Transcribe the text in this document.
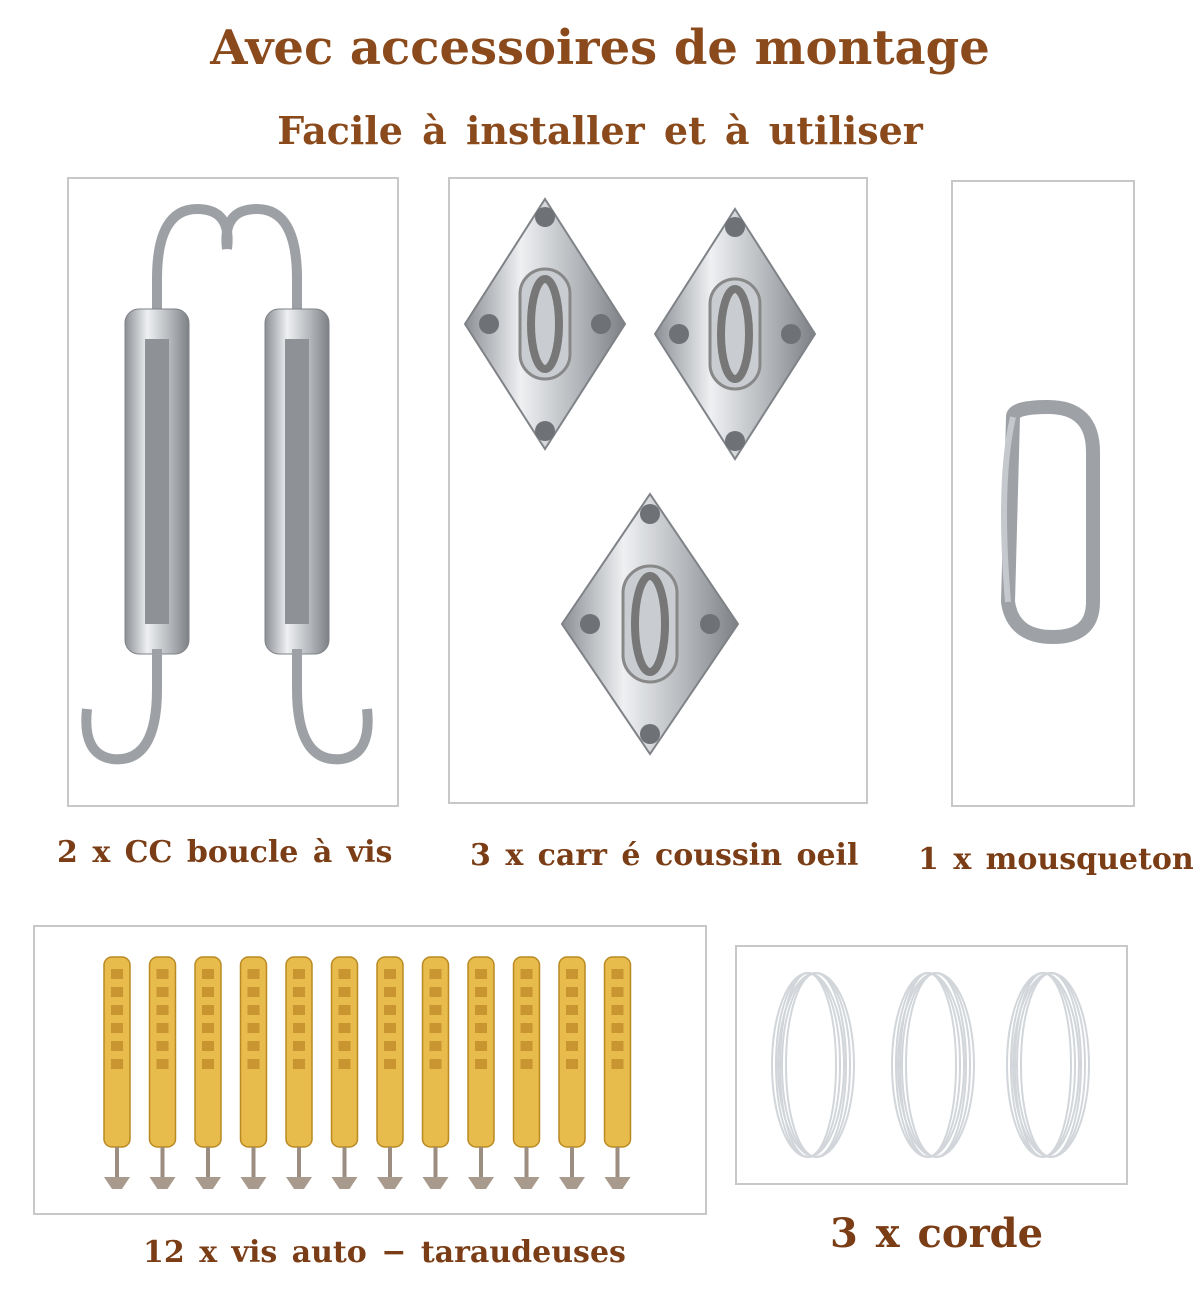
Avec accessoires de montage
Facile à installer et à utiliser
2 x CC boucle à vis	3 x carr é coussin oeil 1 x mousqueton
12 x vis auto − taraudeuses	3 x corde
